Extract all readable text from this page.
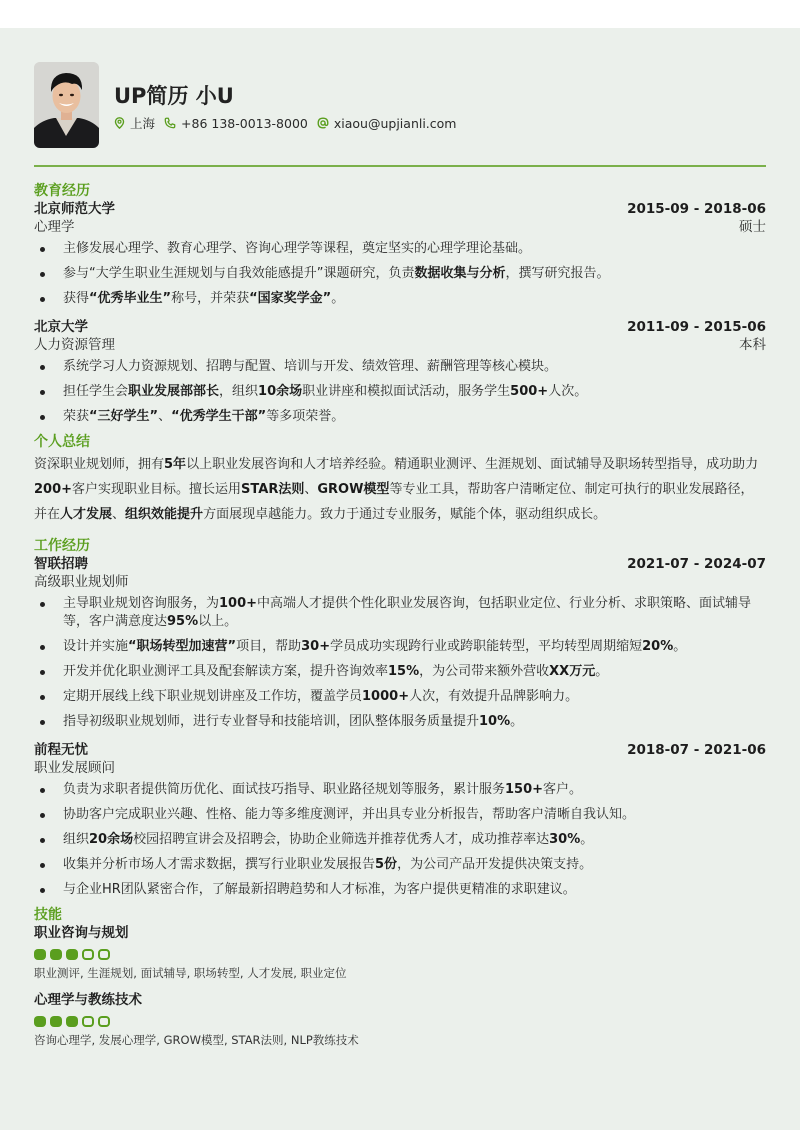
UP简历 小U
上海 +86 138-0013-8000 xiaou@upjianli.com
教育经历
北京师范大学	2015-09 - 2018-06
心理学	硕士
主修发展心理学、教育心理学、咨询心理学等课程，奠定坚实的心理学理论基础。
参与“大学生职业生涯规划与自我效能感提升”课题研究，负责数据收集与分析，撰写研究报告。
获得“优秀毕业生”称号，并荣获“国家奖学金”。
北京大学	2011-09 - 2015-06
人力资源管理	本科
系统学习人力资源规划、招聘与配置、培训与开发、绩效管理、薪酬管理等核心模块。
担任学生会职业发展部部长，组织10余场职业讲座和模拟面试活动，服务学生500+人次。
荣获“三好学生”、“优秀学生干部”等多项荣誉。
个人总结
资深职业规划师，拥有5年以上职业发展咨询和人才培养经验。精通职业测评、生涯规划、面试辅导及职场转型指导，成功助力200+客户实现职业目标。擅长运用STAR法则、GROW模型等专业工具，帮助客户清晰定位、制定可执行的职业发展路径，并在人才发展、组织效能提升方面展现卓越能力。致力于通过专业服务，赋能个体，驱动组织成长。
工作经历
智联招聘	2021-07 - 2024-07
高级职业规划师
主导职业规划咨询服务，为100+中高端人才提供个性化职业发展咨询，包括职业定位、行业分析、求职策略、面试辅导等，客户满意度达95%以上。
设计并实施“职场转型加速营”项目，帮助30+学员成功实现跨行业或跨职能转型，平均转型周期缩短20%。
开发并优化职业测评工具及配套解读方案，提升咨询效率15%，为公司带来额外营收XX万元。
定期开展线上线下职业规划讲座及工作坊，覆盖学员1000+人次，有效提升品牌影响力。
指导初级职业规划师，进行专业督导和技能培训，团队整体服务质量提升10%。
前程无忧	2018-07 - 2021-06
职业发展顾问
负责为求职者提供简历优化、面试技巧指导、职业路径规划等服务，累计服务150+客户。
协助客户完成职业兴趣、性格、能力等多维度测评，并出具专业分析报告，帮助客户清晰自我认知。
组织20余场校园招聘宣讲会及招聘会，协助企业筛选并推荐优秀人才，成功推荐率达30%。
收集并分析市场人才需求数据，撰写行业职业发展报告5份，为公司产品开发提供决策支持。
与企业HR团队紧密合作，了解最新招聘趋势和人才标准，为客户提供更精准的求职建议。
技能
职业咨询与规划
职业测评, 生涯规划, 面试辅导, 职场转型, 人才发展, 职业定位
心理学与教练技术
咨询心理学, 发展心理学, GROW模型, STAR法则, NLP教练技术
